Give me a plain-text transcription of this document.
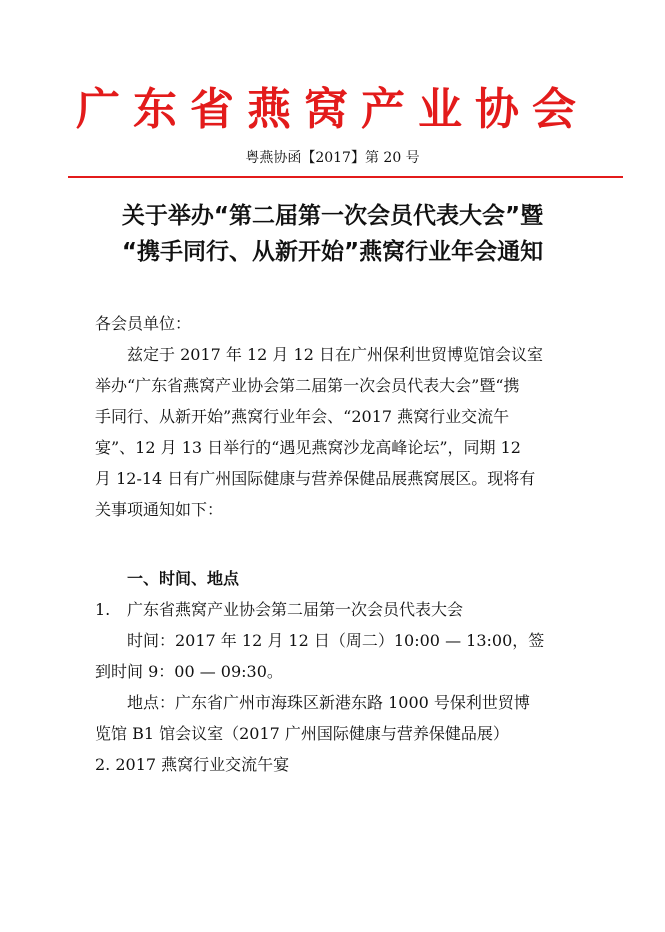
广东省燕窝产业协会
粤燕协函【2017】第 20 号
关于举办“第二届第一次会员代表大会”暨
“携手同行、从新开始”燕窝行业年会通知
各会员单位：
兹定于 2017 年 12 月 12 日在广州保利世贸博览馆会议室
举办“广东省燕窝产业协会第二届第一次会员代表大会”暨“携
手同行、从新开始”燕窝行业年会、“2017 燕窝行业交流午
宴”、12 月 13 日举行的“遇见燕窝沙龙高峰论坛”，同期 12
月 12-14 日有广州国际健康与营养保健品展燕窝展区。现将有
关事项通知如下：
一、时间、地点
1. 广东省燕窝产业协会第二届第一次会员代表大会
时间：2017 年 12 月 12 日（周二）10:00 — 13:00，签
到时间 9：00 — 09:30。
地点：广东省广州市海珠区新港东路 1000 号保利世贸博
览馆 B1 馆会议室（2017 广州国际健康与营养保健品展）
2. 2017 燕窝行业交流午宴
